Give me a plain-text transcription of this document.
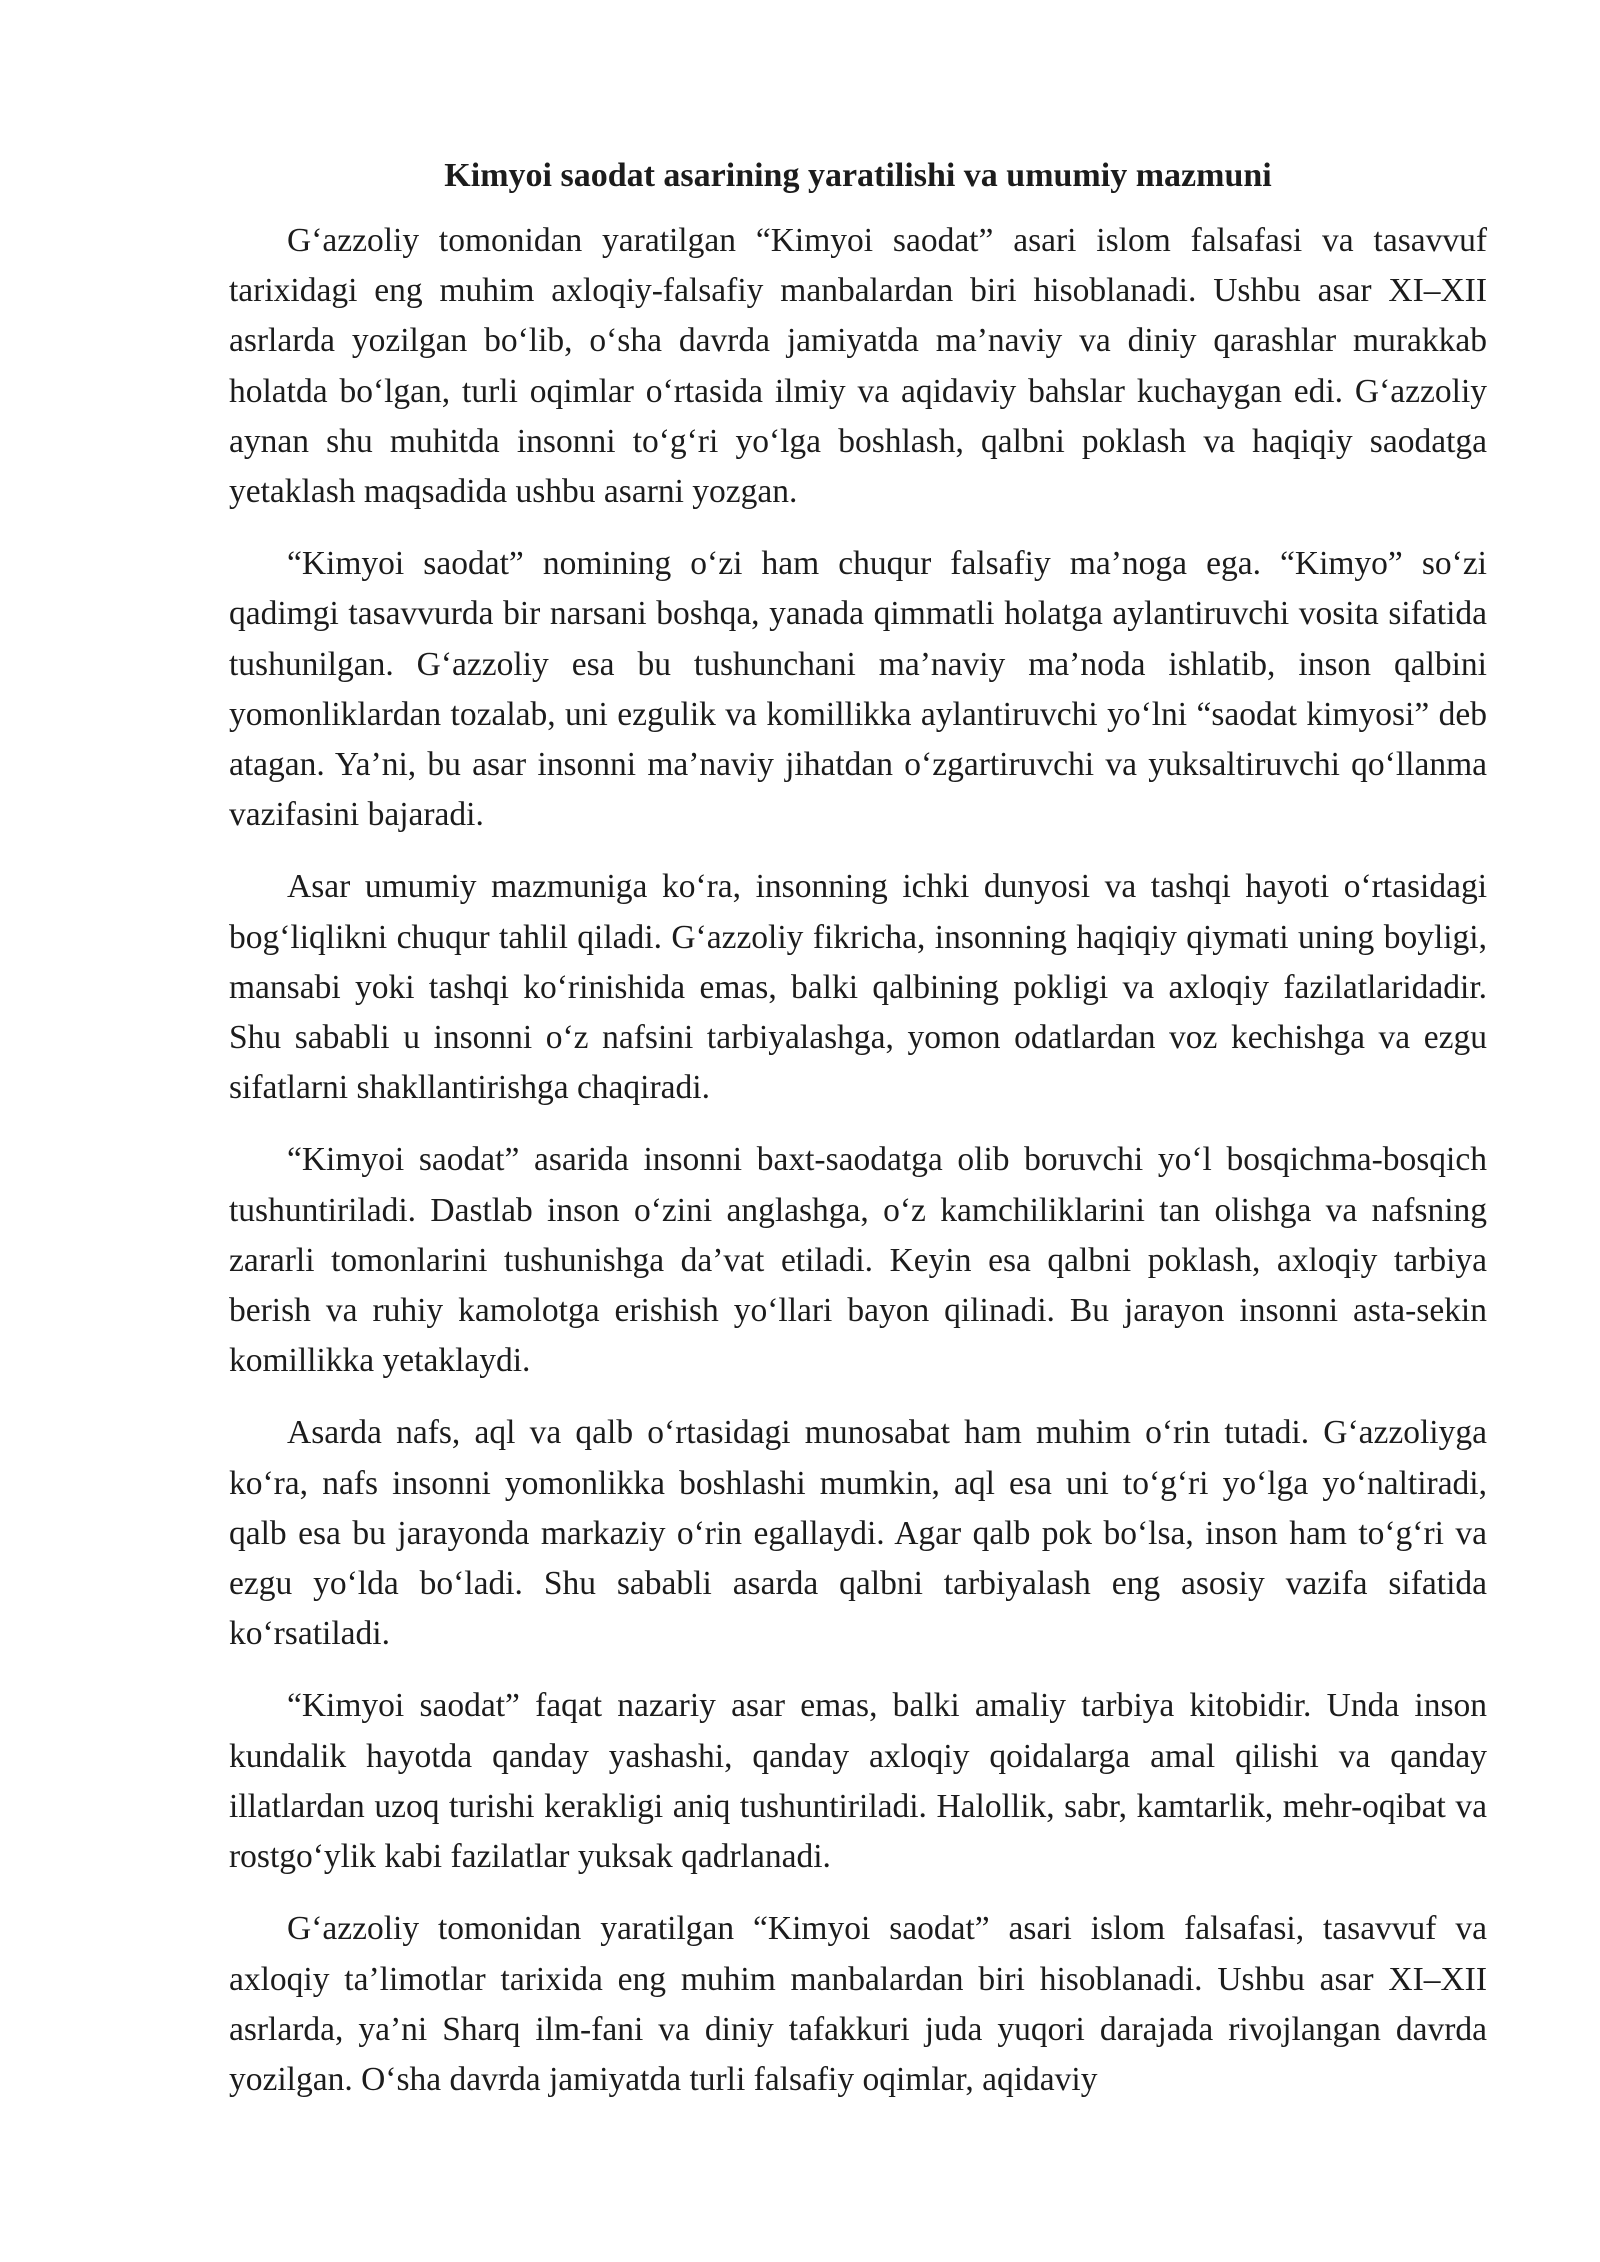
Kimyoi saodat asarining yaratilishi va umumiy mazmuni

G‘azzoliy tomonidan yaratilgan “Kimyoi saodat” asari islom falsafasi va tasavvuf tarixidagi eng muhim axloqiy-falsafiy manbalardan biri hisoblanadi. Ushbu asar XI–XII asrlarda yozilgan bo‘lib, o‘sha davrda jamiyatda ma’naviy va diniy qarashlar murakkab holatda bo‘lgan, turli oqimlar o‘rtasida ilmiy va aqidaviy bahslar kuchaygan edi. G‘azzoliy aynan shu muhitda insonni to‘g‘ri yo‘lga boshlash, qalbni poklash va haqiqiy saodatga yetaklash maqsadida ushbu asarni yozgan.

“Kimyoi saodat” nomining o‘zi ham chuqur falsafiy ma’noga ega. “Kimyo” so‘zi qadimgi tasavvurda bir narsani boshqa, yanada qimmatli holatga aylantiruvchi vosita sifatida tushunilgan. G‘azzoliy esa bu tushunchani ma’naviy ma’noda ishlatib, inson qalbini yomonliklardan tozalab, uni ezgulik va komillikka aylantiruvchi yo‘lni “saodat kimyosi” deb atagan. Ya’ni, bu asar insonni ma’naviy jihatdan o‘zgartiruvchi va yuksaltiruvchi qo‘llanma vazifasini bajaradi.

Asar umumiy mazmuniga ko‘ra, insonning ichki dunyosi va tashqi hayoti o‘rtasidagi bog‘liqlikni chuqur tahlil qiladi. G‘azzoliy fikricha, insonning haqiqiy qiymati uning boyligi, mansabi yoki tashqi ko‘rinishida emas, balki qalbining pokligi va axloqiy fazilatlaridadir. Shu sababli u insonni o‘z nafsini tarbiyalashga, yomon odatlardan voz kechishga va ezgu sifatlarni shakllantirishga chaqiradi.

“Kimyoi saodat” asarida insonni baxt-saodatga olib boruvchi yo‘l bosqichma-bosqich tushuntiriladi. Dastlab inson o‘zini anglashga, o‘z kamchiliklarini tan olishga va nafsning zararli tomonlarini tushunishga da’vat etiladi. Keyin esa qalbni poklash, axloqiy tarbiya berish va ruhiy kamolotga erishish yo‘llari bayon qilinadi. Bu jarayon insonni asta-sekin komillikka yetaklaydi.

Asarda nafs, aql va qalb o‘rtasidagi munosabat ham muhim o‘rin tutadi. G‘azzoliyga ko‘ra, nafs insonni yomonlikka boshlashi mumkin, aql esa uni to‘g‘ri yo‘lga yo‘naltiradi, qalb esa bu jarayonda markaziy o‘rin egallaydi. Agar qalb pok bo‘lsa, inson ham to‘g‘ri va ezgu yo‘lda bo‘ladi. Shu sababli asarda qalbni tarbiyalash eng asosiy vazifa sifatida ko‘rsatiladi.

“Kimyoi saodat” faqat nazariy asar emas, balki amaliy tarbiya kitobidir. Unda inson kundalik hayotda qanday yashashi, qanday axloqiy qoidalarga amal qilishi va qanday illatlardan uzoq turishi kerakligi aniq tushuntiriladi. Halollik, sabr, kamtarlik, mehr-oqibat va rostgo‘ylik kabi fazilatlar yuksak qadrlanadi.

G‘azzoliy tomonidan yaratilgan “Kimyoi saodat” asari islom falsafasi, tasavvuf va axloqiy ta’limotlar tarixida eng muhim manbalardan biri hisoblanadi. Ushbu asar XI–XII asrlarda, ya’ni Sharq ilm-fani va diniy tafakkuri juda yuqori darajada rivojlangan davrda yozilgan. O‘sha davrda jamiyatda turli falsafiy oqimlar, aqidaviy
